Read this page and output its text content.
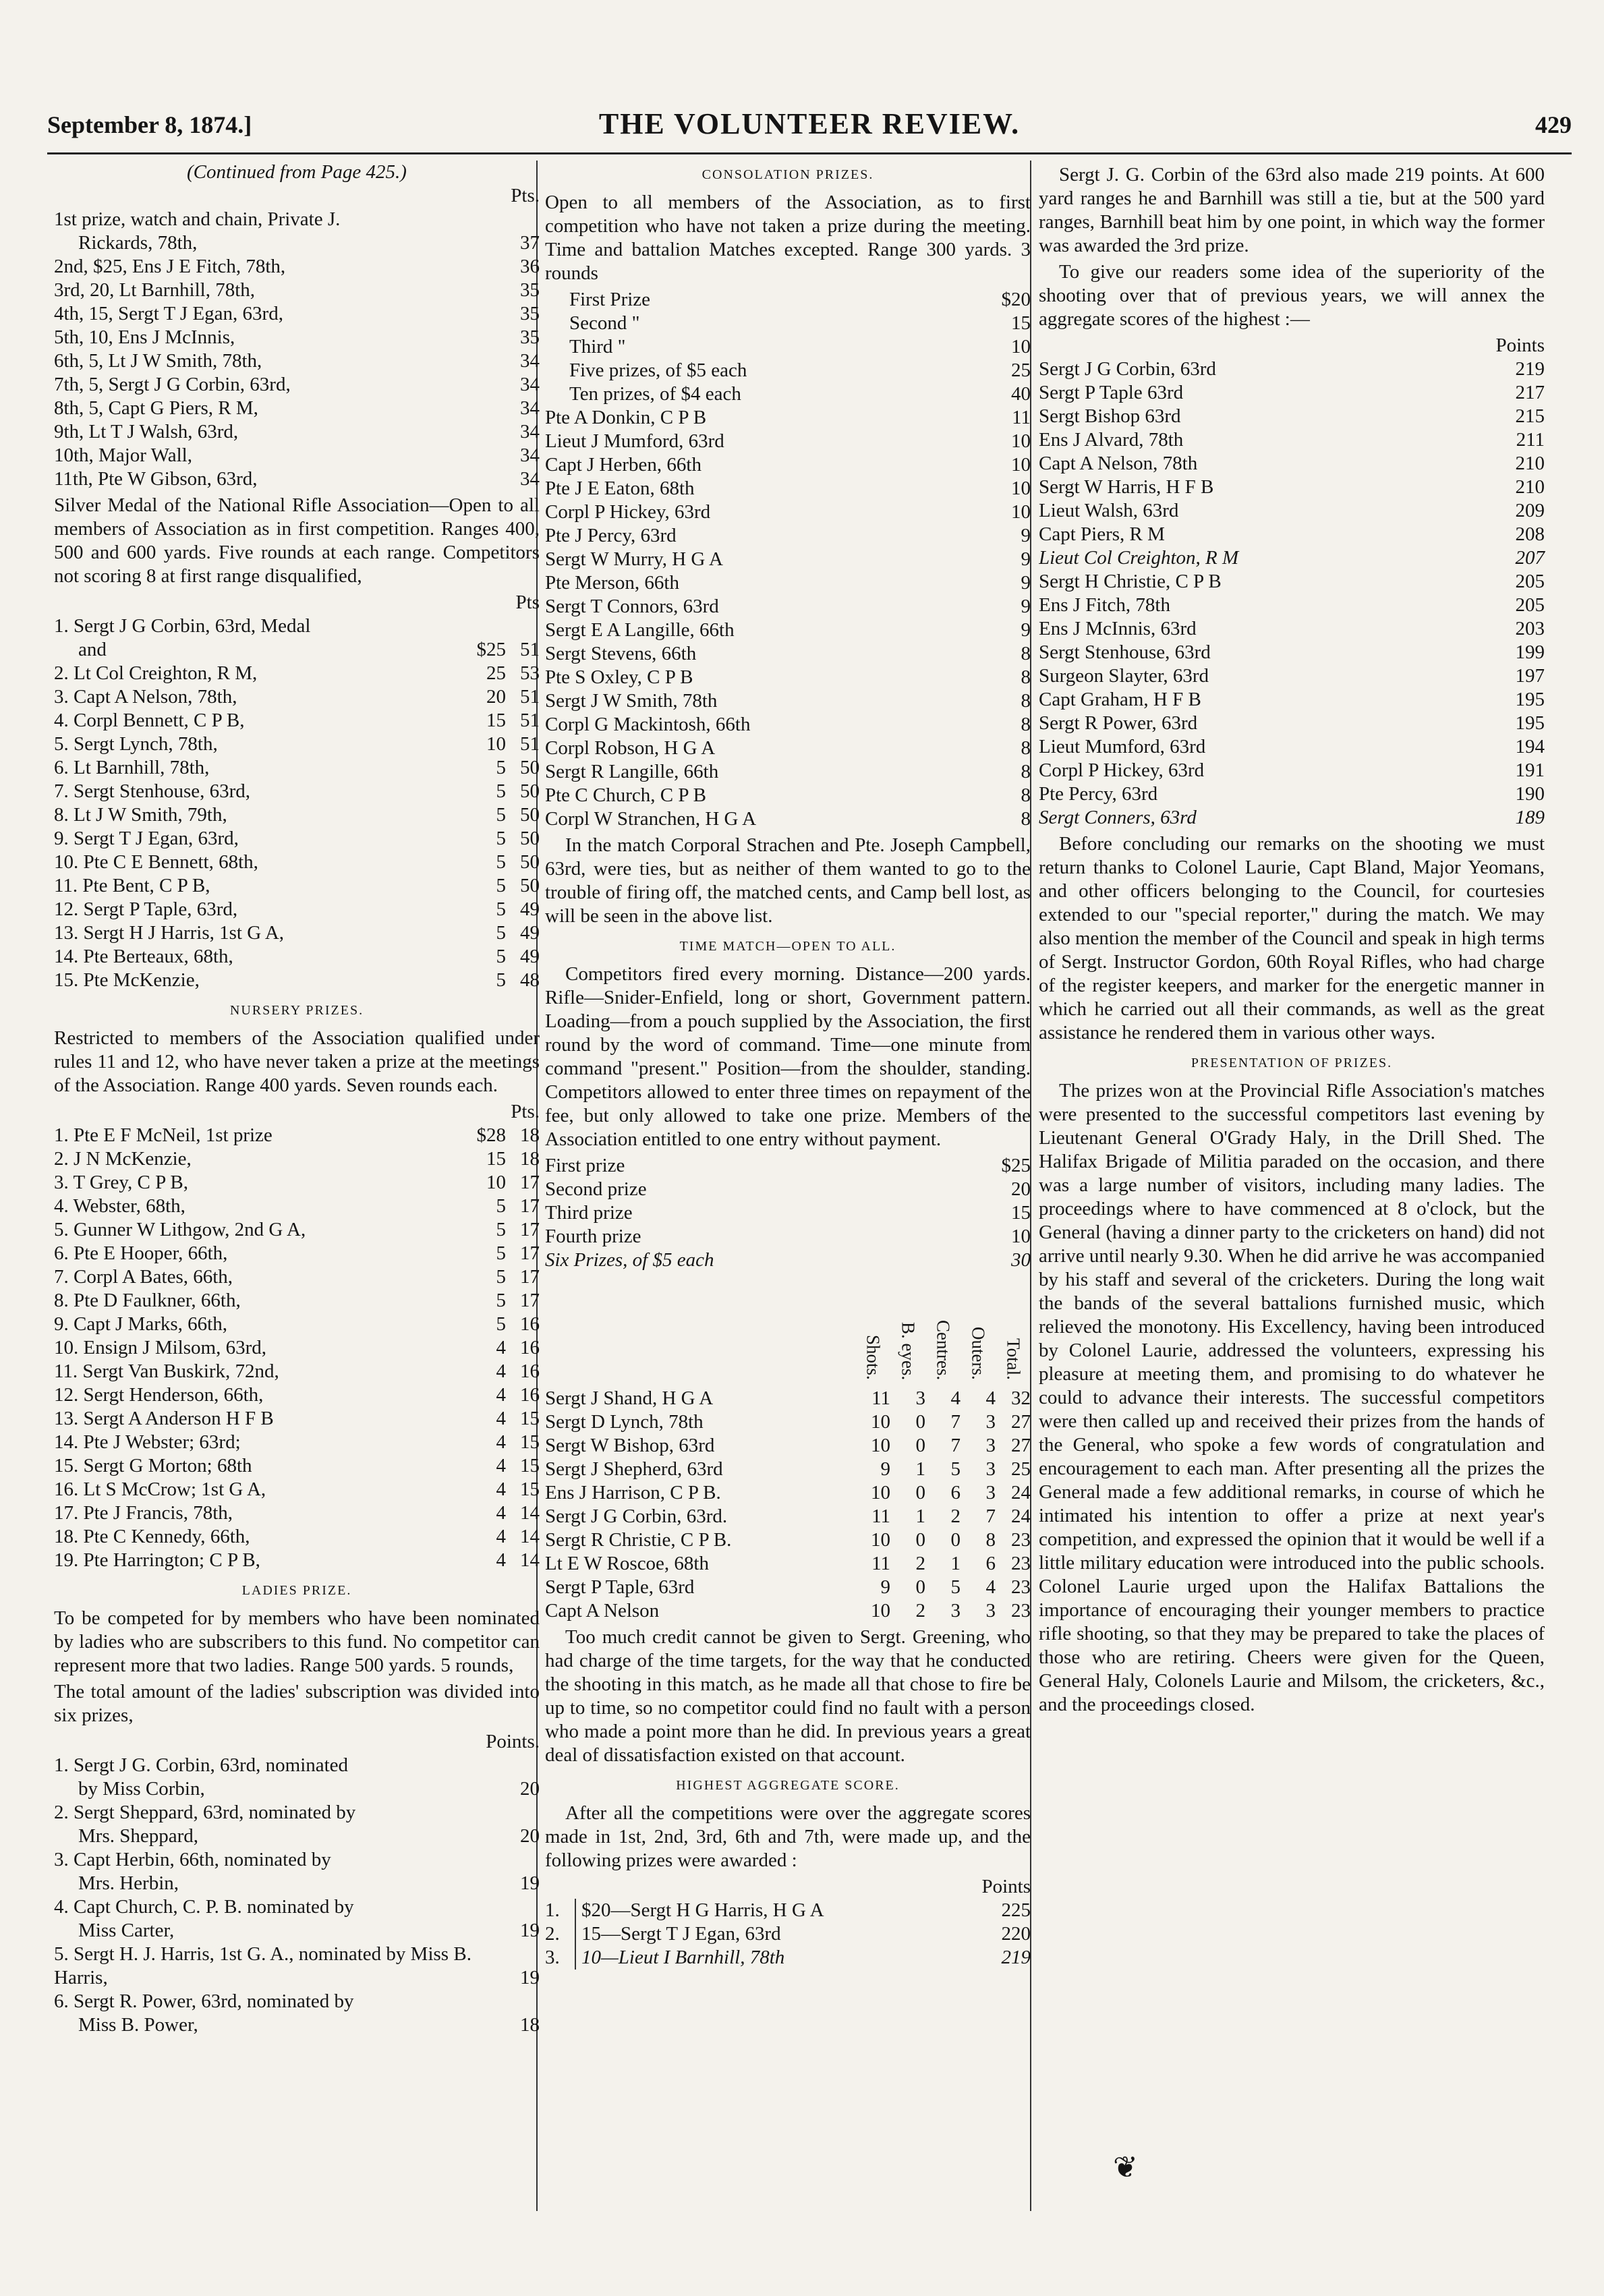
September 8, 1874.]	THE VOLUNTEER REVIEW.	429
(Continued from Page 425.)
Pts.
1st prize, watch and chain, Private J.
Rickards, 78th,	37
2nd, $25, Ens J E Fitch, 78th,	36
3rd, 20, Lt Barnhill, 78th,	35
4th, 15, Sergt T J Egan, 63rd,	35
5th, 10, Ens J McInnis,	35
6th, 5, Lt J W Smith, 78th,	34
7th, 5, Sergt J G Corbin, 63rd,	34
8th, 5, Capt G Piers, R M,	34
9th, Lt T J Walsh, 63rd,	34
10th, Major Wall,	34
11th, Pte W Gibson, 63rd,	34
Silver Medal of the National Rifle Association—Open to all members of Association as in first competition. Ranges 400, 500 and 600 yards. Five rounds at each range. Competitors not scoring 8 at first range disqualified,
Pts
1. Sergt J G Corbin, 63rd, Medal
and	$25 51
2. Lt Col Creighton, R M,	25 53
3. Capt A Nelson, 78th,	20 51
4. Corpl Bennett, C P B,	15 51
5. Sergt Lynch, 78th,	10 51
6. Lt Barnhill, 78th,	5 50
7. Sergt Stenhouse, 63rd,	5 50
8. Lt J W Smith, 79th,	5 50
9. Sergt T J Egan, 63rd,	5 50
10. Pte C E Bennett, 68th,	5 50
11. Pte Bent, C P B,	5 50
12. Sergt P Taple, 63rd,	5 49
13. Sergt H J Harris, 1st G A,	5 49
14. Pte Berteaux, 68th,	5 49
15. Pte McKenzie,	5 48
NURSERY PRIZES.
Restricted to members of the Association qualified under rules 11 and 12, who have never taken a prize at the meetings of the Association. Range 400 yards. Seven rounds each.
Pts.
1. Pte E F McNeil, 1st prize	$28 18
2. J N McKenzie,	15 18
3. T Grey, C P B,	10 17
4. Webster, 68th,	5 17
5. Gunner W Lithgow, 2nd G A,	5 17
6. Pte E Hooper, 66th,	5 17
7. Corpl A Bates, 66th,	5 17
8. Pte D Faulkner, 66th,	5 17
9. Capt J Marks, 66th,	5 16
10. Ensign J Milsom, 63rd,	4 16
11. Sergt Van Buskirk, 72nd,	4 16
12. Sergt Henderson, 66th,	4 16
13. Sergt A Anderson H F B	4 15
14. Pte J Webster; 63rd;	4 15
15. Sergt G Morton; 68th	4 15
16. Lt S McCrow; 1st G A,	4 15
17. Pte J Francis, 78th,	4 14
18. Pte C Kennedy, 66th,	4 14
19. Pte Harrington; C P B,	4 14
LADIES PRIZE.
To be competed for by members who have been nominated by ladies who are subscribers to this fund. No competitor can represent more that two ladies. Range 500 yards. 5 rounds,
The total amount of the ladies' subscription was divided into six prizes,
Points.
1. Sergt J G. Corbin, 63rd, nominated
by Miss Corbin,	20
2. Sergt Sheppard, 63rd, nominated by
Mrs. Sheppard,	20
3. Capt Herbin, 66th, nominated by
Mrs. Herbin,	19
4. Capt Church, C. P. B. nominated by
Miss Carter,	19
5. Sergt H. J. Harris, 1st G. A., nominated by Miss B. Harris,	19
6. Sergt R. Power, 63rd, nominated by
Miss B. Power,	18
CONSOLATION PRIZES.
Open to all members of the Association, as to first competition who have not taken a prize during the meeting. Time and battalion Matches excepted. Range 300 yards. 3 rounds
First Prize	$20
Second "	15
Third "	10
Five prizes, of $5 each	25
Ten prizes, of $4 each	40
Pte A Donkin, C P B	11
Lieut J Mumford, 63rd	10
Capt J Herben, 66th	10
Pte J E Eaton, 68th	10
Corpl P Hickey, 63rd	10
Pte J Percy, 63rd	9
Sergt W Murry, H G A	9
Pte Merson, 66th	9
Sergt T Connors, 63rd	9
Sergt E A Langille, 66th	9
Sergt Stevens, 66th	8
Pte S Oxley, C P B	8
Sergt J W Smith, 78th	8
Corpl G Mackintosh, 66th	8
Corpl Robson, H G A	8
Sergt R Langille, 66th	8
Pte C Church, C P B	8
Corpl W Stranchen, H G A	8
In the match Corporal Strachen and Pte. Joseph Campbell, 63rd, were ties, but as neither of them wanted to go to the trouble of firing off, the matched cents, and Camp bell lost, as will be seen in the above list.
TIME MATCH—OPEN TO ALL.
Competitors fired every morning. Distance—200 yards. Rifle—Snider-Enfield, long or short, Government pattern. Loading—from a pouch supplied by the Association, the first round by the word of command. Time—one minute from command "present." Position—from the shoulder, standing. Competitors allowed to enter three times on repayment of the fee, but only allowed to take one prize. Members of the Association entitled to one entry without payment.
First prize	$25
Second prize	20
Third prize	15
Fourth prize	10
Six Prizes, of $5 each	30
	Shots.	B. eyes.	Centres.	Outers.	Total.
Sergt J Shand, H G A	11	3	4	4	32
Sergt D Lynch, 78th	10	0	7	3	27
Sergt W Bishop, 63rd	10	0	7	3	27
Sergt J Shepherd, 63rd	9	1	5	3	25
Ens J Harrison, C P B.	10	0	6	3	24
Sergt J G Corbin, 63rd.	11	1	2	7	24
Sergt R Christie, C P B.	10	0	0	8	23
Lt E W Roscoe, 68th	11	2	1	6	23
Sergt P Taple, 63rd	9	0	5	4	23
Capt A Nelson	10	2	3	3	23
Too much credit cannot be given to Sergt. Greening, who had charge of the time targets, for the way that he conducted the shooting in this match, as he made all that chose to fire be up to time, so no competitor could find no fault with a person who made a point more than he did. In previous years a great deal of dissatisfaction existed on that account.
HIGHEST AGGREGATE SCORE.
After all the competitions were over the aggregate scores made in 1st, 2nd, 3rd, 6th and 7th, were made up, and the following prizes were awarded :
Points
1.	$20—Sergt H G Harris, H G A	225
2.	15—Sergt T J Egan, 63rd	220
3.	10—Lieut I Barnhill, 78th	219
Sergt J. G. Corbin of the 63rd also made 219 points. At 600 yard ranges he and Barnhill was still a tie, but at the 500 yard ranges, Barnhill beat him by one point, in which way the former was awarded the 3rd prize.
To give our readers some idea of the superiority of the shooting over that of previous years, we will annex the aggregate scores of the highest :—
Points
Sergt J G Corbin, 63rd	219
Sergt P Taple 63rd	217
Sergt Bishop 63rd	215
Ens J Alvard, 78th	211
Capt A Nelson, 78th	210
Sergt W Harris, H F B	210
Lieut Walsh, 63rd	209
Capt Piers, R M	208
Lieut Col Creighton, R M	207
Sergt H Christie, C P B	205
Ens J Fitch, 78th	205
Ens J McInnis, 63rd	203
Sergt Stenhouse, 63rd	199
Surgeon Slayter, 63rd	197
Capt Graham, H F B	195
Sergt R Power, 63rd	195
Lieut Mumford, 63rd	194
Corpl P Hickey, 63rd	191
Pte Percy, 63rd	190
Sergt Conners, 63rd	189
Before concluding our remarks on the shooting we must return thanks to Colonel Laurie, Capt Bland, Major Yeomans, and other officers belonging to the Council, for courtesies extended to our "special reporter," during the match. We may also mention the member of the Council and speak in high terms of Sergt. Instructor Gordon, 60th Royal Rifles, who had charge of the register keepers, and marker for the energetic manner in which he carried out all their commands, as well as the great assistance he rendered them in various other ways.
PRESENTATION OF PRIZES.
The prizes won at the Provincial Rifle Association's matches were presented to the successful competitors last evening by Lieutenant General O'Grady Haly, in the Drill Shed. The Halifax Brigade of Militia paraded on the occasion, and there was a large number of visitors, including many ladies. The proceedings where to have commenced at 8 o'clock, but the General (having a dinner party to the cricketers on hand) did not arrive until nearly 9.30. When he did arrive he was accompanied by his staff and several of the cricketers. During the long wait the bands of the several battalions furnished music, which relieved the monotony. His Excellency, having been introduced by Colonel Laurie, addressed the volunteers, expressing his pleasure at meeting them, and promising to do whatever he could to advance their interests. The successful competitors were then called up and received their prizes from the hands of the General, who spoke a few words of congratulation and encouragement to each man. After presenting all the prizes the General made a few additional remarks, in course of which he intimated his intention to offer a prize at next year's competition, and expressed the opinion that it would be well if a little military education were introduced into the public schools. Colonel Laurie urged upon the Halifax Battalions the importance of encouraging their younger members to practice rifle shooting, so that they may be prepared to take the places of those who are retiring. Cheers were given for the Queen, General Haly, Colonels Laurie and Milsom, the cricketers, &c., and the proceedings closed.
❦
